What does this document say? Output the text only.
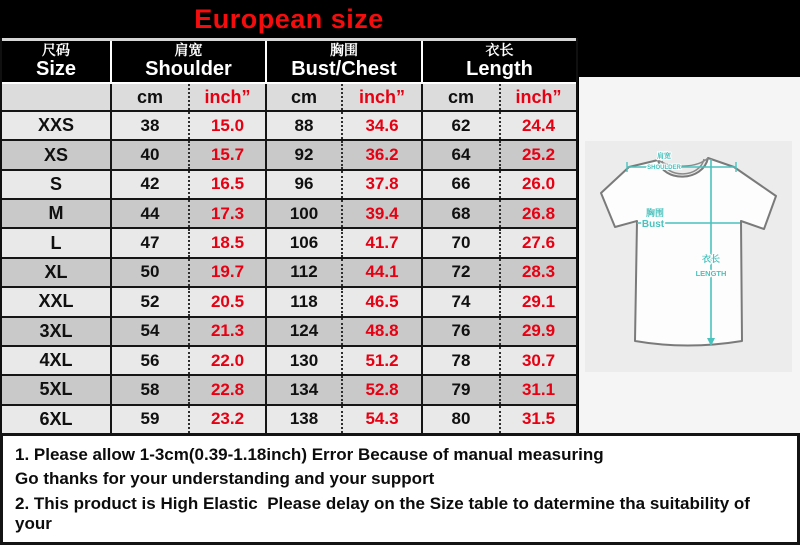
European size
尺码
Size
肩宽
Shoulder
胸围
Bust/Chest
衣长
Length
cm	inch”	cm	inch”	cm	inch”
XXS	38	15.0	88	34.6	62	24.4
XS	40	15.7	92	36.2	64	25.2
S	42	16.5	96	37.8	66	26.0
M	44	17.3	100	39.4	68	26.8
L	47	18.5	106	41.7	70	27.6
XL	50	19.7	112	44.1	72	28.3
XXL	52	20.5	118	46.5	74	29.1
3XL	54	21.3	124	48.8	76	29.9
4XL	56	22.0	130	51.2	78	30.7
5XL	58	22.8	134	52.8	79	31.1
6XL	59	23.2	138	54.3	80	31.5
肩宽
SHOULDER
胸围
Bust
衣长
LENGTH
1. Please allow 1-3cm(0.39-1.18inch) Error Because of manual measuring
Go thanks for your understanding and your support
2. This product is High Elastic  Please delay on the Size table to datermine tha suitability of your
